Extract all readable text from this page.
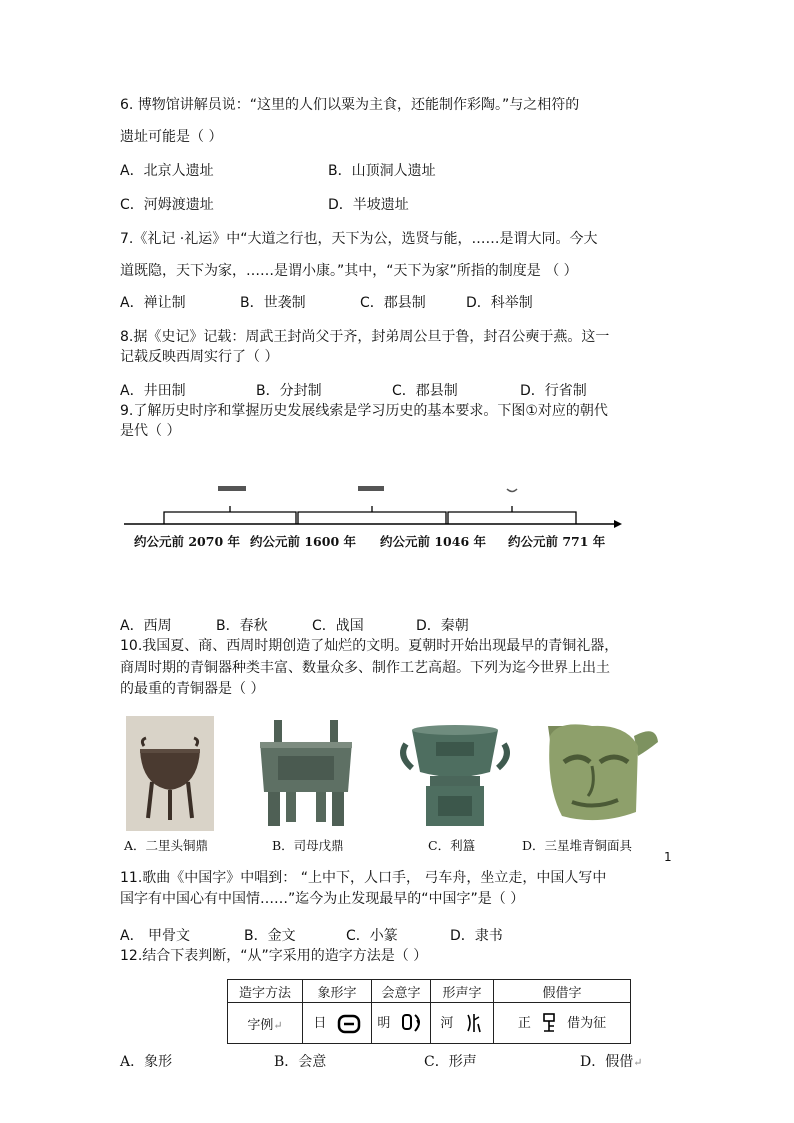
6. 博物馆讲解员说：“这里的人们以粟为主食，还能制作彩陶。”与之相符的
遗址可能是（ ）
A．北京人遗址	B．山顶洞人遗址
C．河姆渡遗址	D．半坡遗址
7.《礼记 ·礼运》中“大道之行也，天下为公，选贤与能，……是谓大同。今大
道既隐，天下为家，……是谓小康。”其中，“天下为家”所指的制度是 （ ）
A．禅让制	B．世袭制	C．郡县制	D．科举制
8.据《史记》记载：周武王封尚父于齐，封弟周公旦于鲁，封召公奭于燕。这一
记载反映西周实行了（ ）
A．井田制	B．分封制	C．郡县制	D．行省制
9.了解历史时序和掌握历史发展线索是学习历史的基本要求。下图①对应的朝代
是代（ ）
约公元前 2070 年 约公元前 1600 年 约公元前 1046 年 约公元前 771 年
A．西周	B．春秋	C．战国	D．秦朝
10.我国夏、商、西周时期创造了灿烂的文明。夏朝时开始出现最早的青铜礼器，
商周时期的青铜器种类丰富、数量众多、制作工艺高超。下列为迄今世界上出土
的最重的青铜器是（ ）
A．二里头铜鼎	B．司母戊鼎	C．利簋	D．三星堆青铜面具
1
11.歌曲《中国字》中唱到： “上中下，人口手， 弓车舟，坐立走，中国人写中
国字有中国心有中国情……”迄今为止发现最早的“中国字”是（ ）
A． 甲骨文	B．金文	C．小篆	D．隶书
12.结合下表判断，“从”字采用的造字方法是（ ）
造字方法	象形字	会意字	形声字	假借字
字例↵	日	明	河	正 借为征
A．象形	B．会意	C．形声	D．假借↵
